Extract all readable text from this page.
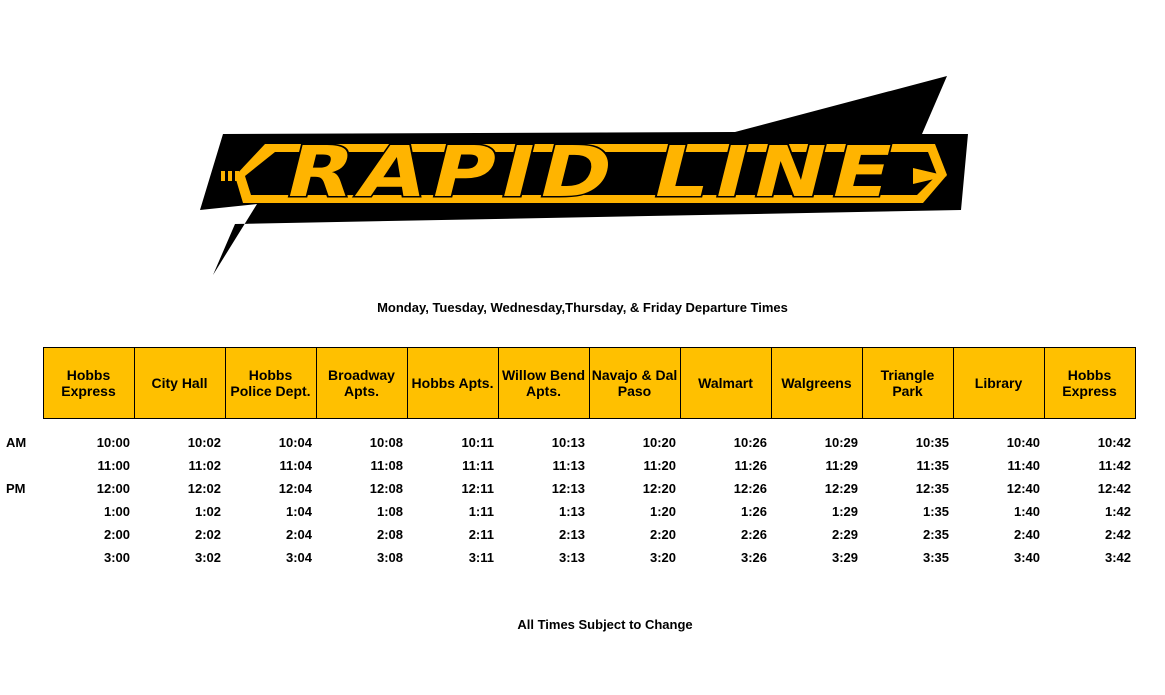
RAPID LINE
Monday, Tuesday, Wednesday,Thursday, & Friday Departure Times
	Hobbs Express	City Hall	Hobbs Police Dept.	Broadway Apts.	Hobbs Apts.	Willow Bend Apts.	Navajo & Dal Paso	Walmart	Walgreens	Triangle Park	Library	Hobbs Express
AM	10:00	10:02	10:04	10:08	10:11	10:13	10:20	10:26	10:29	10:35	10:40	10:42
	11:00	11:02	11:04	11:08	11:11	11:13	11:20	11:26	11:29	11:35	11:40	11:42
PM	12:00	12:02	12:04	12:08	12:11	12:13	12:20	12:26	12:29	12:35	12:40	12:42
	1:00	1:02	1:04	1:08	1:11	1:13	1:20	1:26	1:29	1:35	1:40	1:42
	2:00	2:02	2:04	2:08	2:11	2:13	2:20	2:26	2:29	2:35	2:40	2:42
	3:00	3:02	3:04	3:08	3:11	3:13	3:20	3:26	3:29	3:35	3:40	3:42
All Times Subject to Change
